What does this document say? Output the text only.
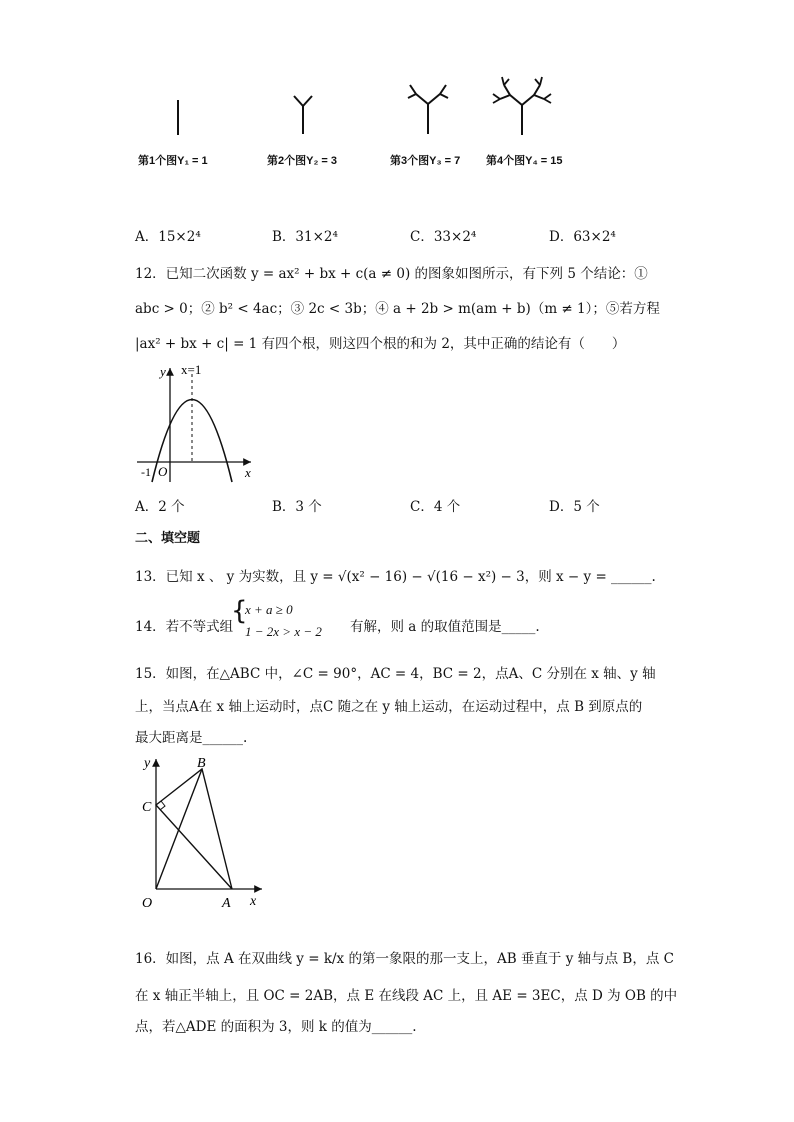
第1个图Y₁ = 1	第2个图Y₂ = 3	第3个图Y₃ = 7 第4个图Y₄ = 15
A．15×2⁴	B．31×2⁴	C．33×2⁴	D．63×2⁴
12．已知二次函数 y = ax² + bx + c(a ≠ 0) 的图象如图所示，有下列 5 个结论：①
abc > 0；② b² < 4ac；③ 2c < 3b；④ a + 2b > m(am + b)（m ≠ 1）；⑤若方程
|ax² + bx + c| = 1 有四个根，则这四个根的和为 2，其中正确的结论有（　　）
y
x
x=1
-1 O
A．2 个	B．3 个	C．4 个	D．5 个
二、填空题
13．已知 x 、 y 为实数，且 y = √(x² − 16) − √(16 − x²) − 3，则 x − y = ______.
14．若不等式组
{
x + a ≥ 0
1 − 2x > x − 2 有解，则 a 的取值范围是_____.
15．如图，在△ABC 中，∠C = 90°，AC = 4，BC = 2，点A、C 分别在 x 轴、y 轴
上，当点A在 x 轴上运动时，点C 随之在 y 轴上运动，在运动过程中，点 B 到原点的
最大距离是______.
y
x
B
C
O	A
16．如图，点 A 在双曲线 y = k/x 的第一象限的那一支上，AB 垂直于 y 轴与点 B，点 C
在 x 轴正半轴上，且 OC = 2AB，点 E 在线段 AC 上，且 AE = 3EC，点 D 为 OB 的中
点，若△ADE 的面积为 3，则 k 的值为______.
